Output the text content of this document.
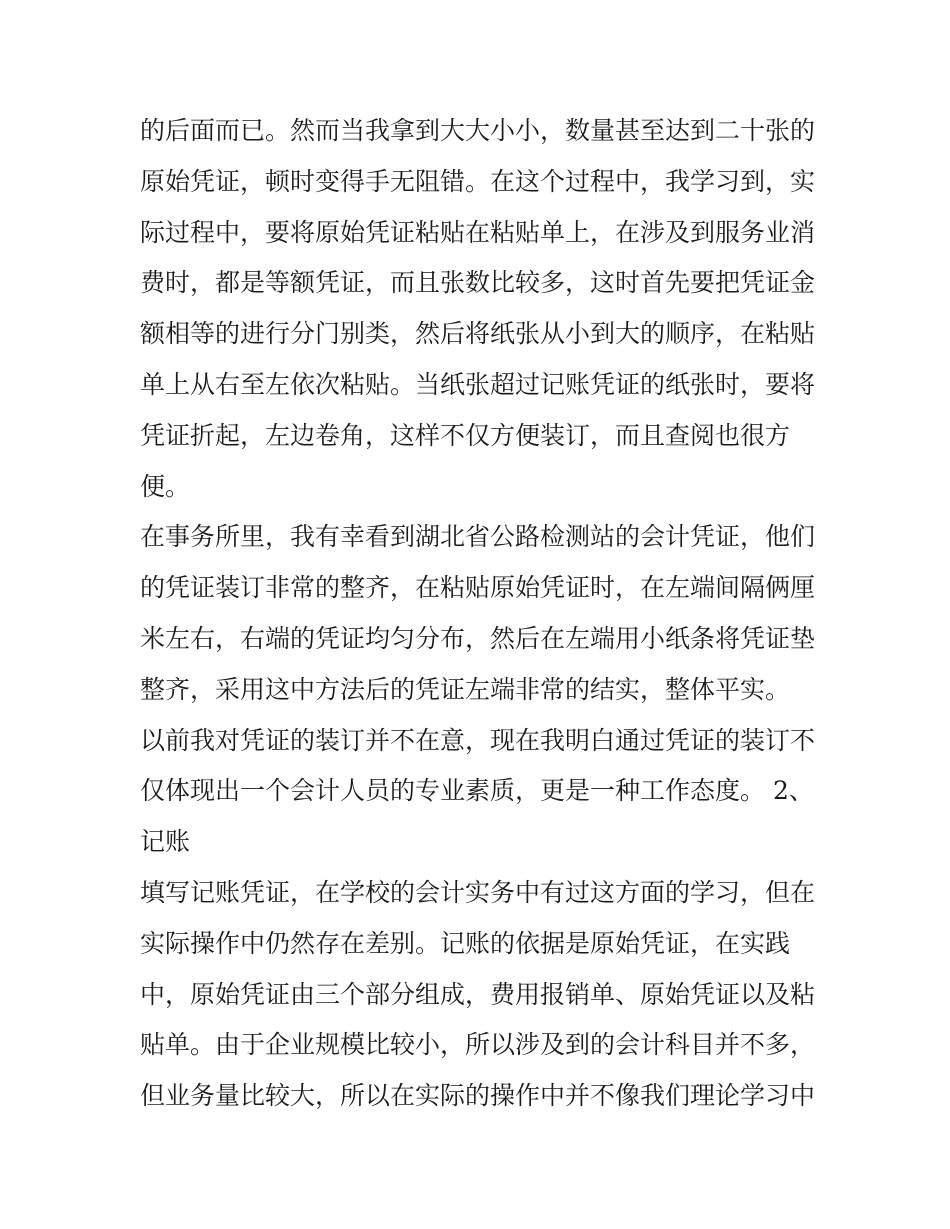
的后面而已。然而当我拿到大大小小，数量甚至达到二十张的
原始凭证，顿时变得手无阻错。在这个过程中，我学习到，实
际过程中，要将原始凭证粘贴在粘贴单上，在涉及到服务业消
费时，都是等额凭证，而且张数比较多，这时首先要把凭证金
额相等的进行分门别类，然后将纸张从小到大的顺序，在粘贴
单上从右至左依次粘贴。当纸张超过记账凭证的纸张时，要将
凭证折起，左边卷角，这样不仅方便装订，而且查阅也很方
便。
在事务所里，我有幸看到湖北省公路检测站的会计凭证，他们
的凭证装订非常的整齐，在粘贴原始凭证时，在左端间隔俩厘
米左右，右端的凭证均匀分布，然后在左端用小纸条将凭证垫
整齐，采用这中方法后的凭证左端非常的结实，整体平实。
以前我对凭证的装订并不在意，现在我明白通过凭证的装订不
仅体现出一个会计人员的专业素质，更是一种工作态度。 2、
记账
填写记账凭证，在学校的会计实务中有过这方面的学习，但在
实际操作中仍然存在差别。记账的依据是原始凭证，在实践
中，原始凭证由三个部分组成，费用报销单、原始凭证以及粘
贴单。由于企业规模比较小，所以涉及到的会计科目并不多，
但业务量比较大，所以在实际的操作中并不像我们理论学习中
